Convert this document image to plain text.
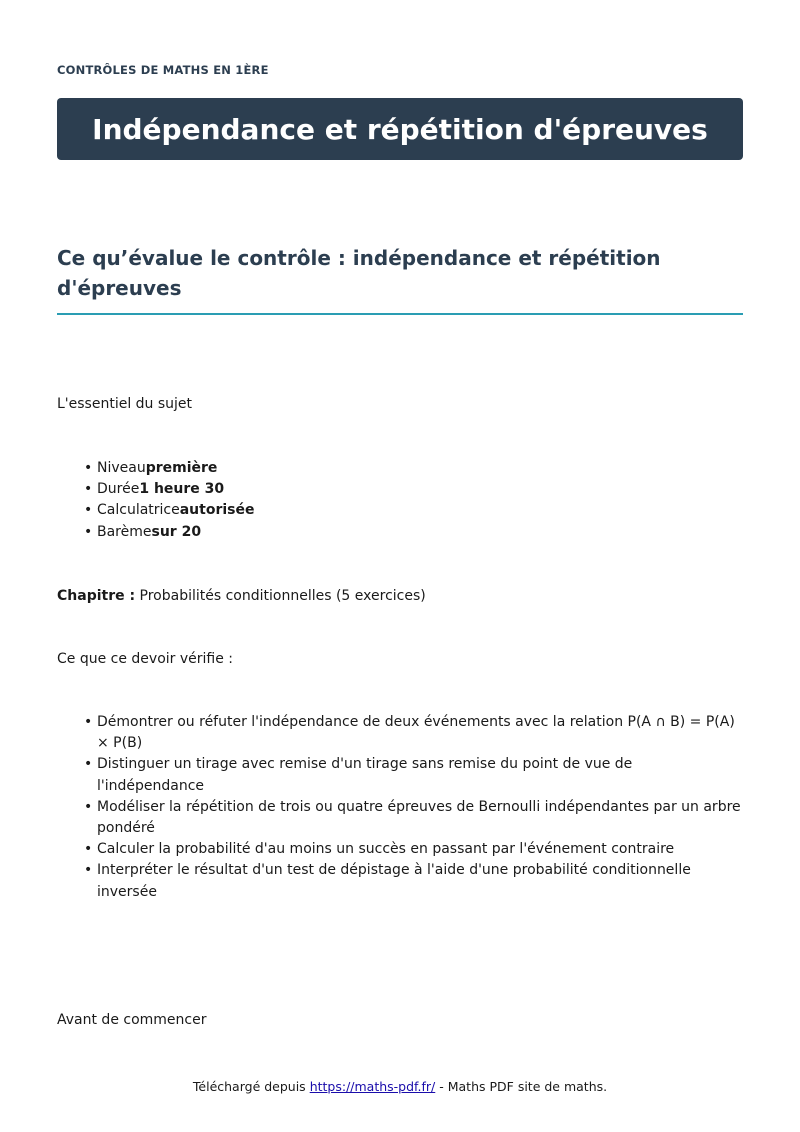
CONTRÔLES DE MATHS EN 1ÈRE
Indépendance et répétition d'épreuves
Ce qu’évalue le contrôle : indépendance et répétition d'épreuves

L'essentiel du sujet

• Niveaupremière
• Durée1 heure 30
• Calculatriceautorisée
• Barèmesur 20

Chapitre : Probabilités conditionnelles (5 exercices)

Ce que ce devoir vérifie :

• Démontrer ou réfuter l'indépendance de deux événements avec la relation P(A ∩ B) = P(A) × P(B)
• Distinguer un tirage avec remise d'un tirage sans remise du point de vue de l'indépendance
• Modéliser la répétition de trois ou quatre épreuves de Bernoulli indépendantes par un arbre pondéré
• Calculer la probabilité d'au moins un succès en passant par l'événement contraire
• Interpréter le résultat d'un test de dépistage à l'aide d'une probabilité conditionnelle inversée

Avant de commencer

Téléchargé depuis https://maths-pdf.fr/ - Maths PDF site de maths.
